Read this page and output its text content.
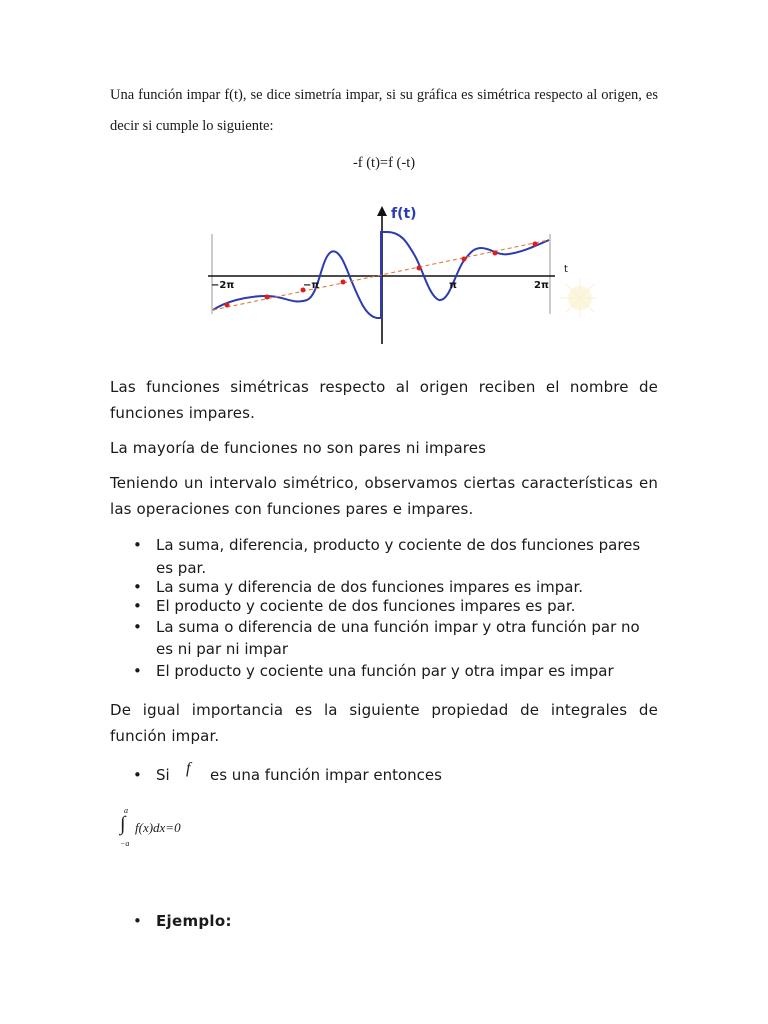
Una función impar f(t), se dice simetría impar, si su gráfica es simétrica respecto al origen, es decir si cumple lo siguiente:
-f (t)=f (-t)
f(t)
t
−2π	−π	π	2π
Las funciones simétricas respecto al origen reciben el nombre de funciones impares.
La mayoría de funciones no son pares ni impares
Teniendo un intervalo simétrico, observamos ciertas características en las operaciones con funciones pares e impares.
• La suma, diferencia, producto y cociente de dos funciones pares
es par.
• La suma y diferencia de dos funciones impares es impar.
• El producto y cociente de dos funciones impares es par.
• La suma o diferencia de una función impar y otra función par no
es ni par ni impar
• El producto y cociente una función par y otra impar es impar
De igual importancia es la siguiente propiedad de integrales de función impar.
• Si f es una función impar entonces
a
∫
−a
f(x)dx=0
• Ejemplo:
